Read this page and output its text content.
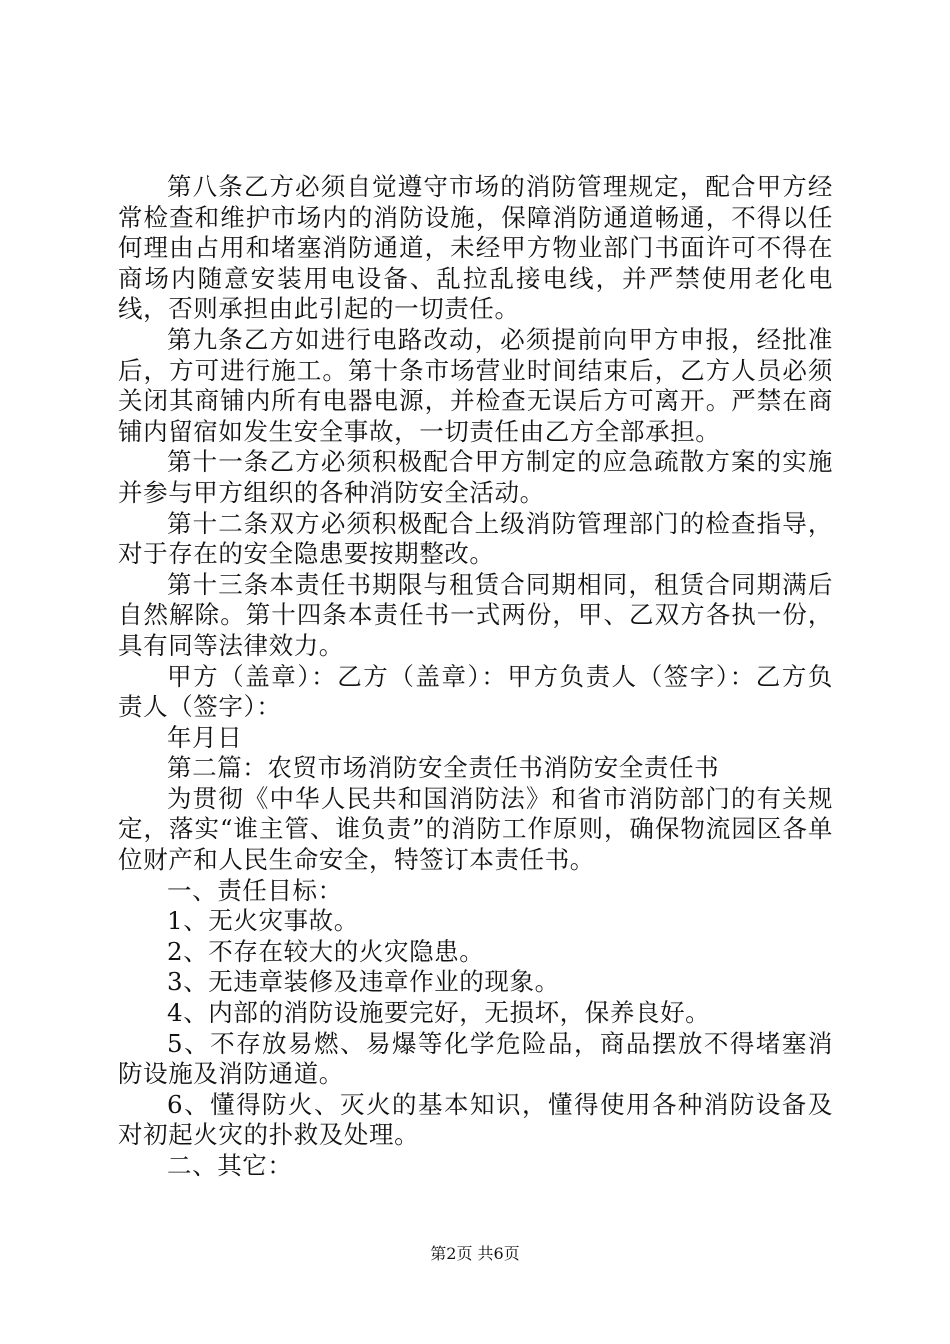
第八条乙方必须自觉遵守市场的消防管理规定，配合甲方经常检查和维护市场内的消防设施，保障消防通道畅通，不得以任何理由占用和堵塞消防通道，未经甲方物业部门书面许可不得在商场内随意安装用电设备、乱拉乱接电线，并严禁使用老化电线，否则承担由此引起的一切责任。

第九条乙方如进行电路改动，必须提前向甲方申报，经批准后，方可进行施工。第十条市场营业时间结束后，乙方人员必须关闭其商铺内所有电器电源，并检查无误后方可离开。严禁在商铺内留宿如发生安全事故，一切责任由乙方全部承担。

第十一条乙方必须积极配合甲方制定的应急疏散方案的实施并参与甲方组织的各种消防安全活动。

第十二条双方必须积极配合上级消防管理部门的检查指导，对于存在的安全隐患要按期整改。

第十三条本责任书期限与租赁合同期相同，租赁合同期满后自然解除。第十四条本责任书一式两份，甲、乙双方各执一份，具有同等法律效力。

甲方（盖章）：乙方（盖章）：甲方负责人（签字）：乙方负责人（签字）：

年月日

第二篇：农贸市场消防安全责任书消防安全责任书

为贯彻《中华人民共和国消防法》和省市消防部门的有关规定，落实“谁主管、谁负责”的消防工作原则，确保物流园区各单位财产和人民生命安全，特签订本责任书。

一、责任目标：

1、无火灾事故。

2、不存在较大的火灾隐患。

3、无违章装修及违章作业的现象。

4、内部的消防设施要完好，无损坏，保养良好。

5、不存放易燃、易爆等化学危险品，商品摆放不得堵塞消防设施及消防通道。

6、懂得防火、灭火的基本知识，懂得使用各种消防设备及对初起火灾的扑救及处理。

二、其它：

第2页 共6页
